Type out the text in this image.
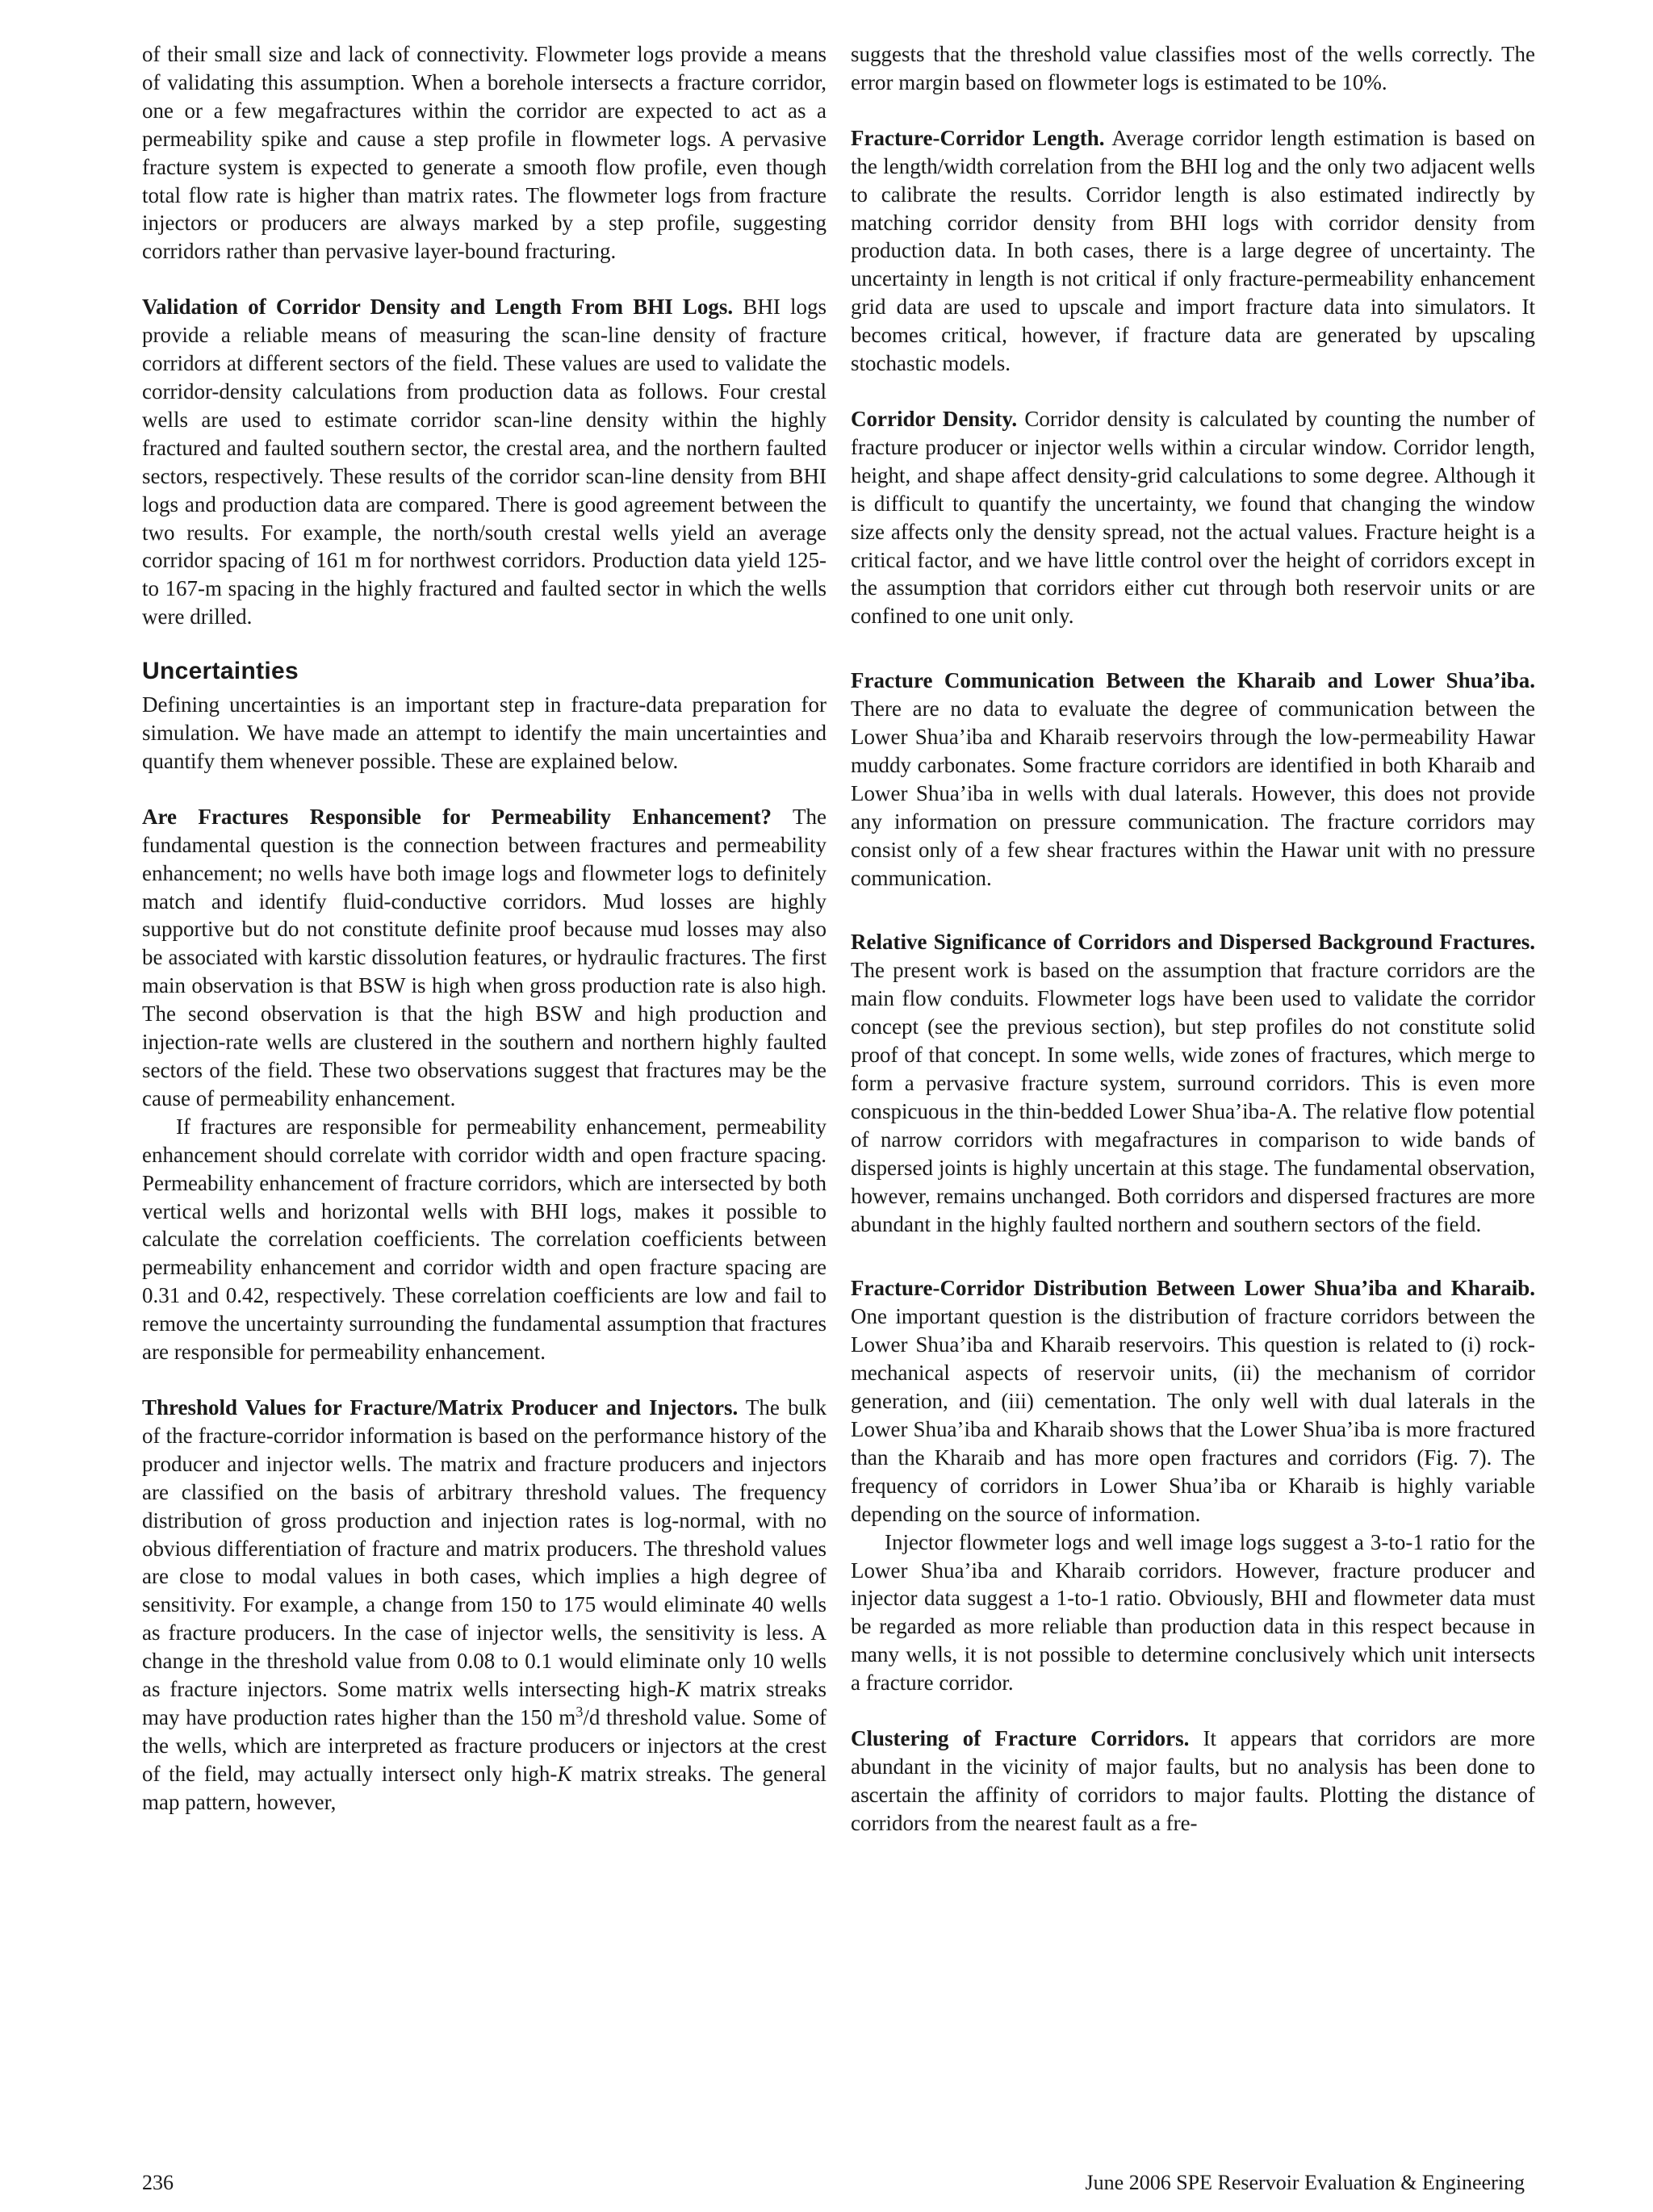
of their small size and lack of connectivity. Flowmeter logs provide a means of validating this assumption. When a borehole intersects a fracture corridor, one or a few megafractures within the corridor are expected to act as a permeability spike and cause a step profile in flowmeter logs. A pervasive fracture system is expected to generate a smooth flow profile, even though total flow rate is higher than matrix rates. The flowmeter logs from fracture injectors or producers are always marked by a step profile, suggesting corridors rather than pervasive layer-bound fracturing.

Validation of Corridor Density and Length From BHI Logs. BHI logs provide a reliable means of measuring the scan-line density of fracture corridors at different sectors of the field. These values are used to validate the corridor-density calculations from production data as follows. Four crestal wells are used to estimate corridor scan-line density within the highly fractured and faulted southern sector, the crestal area, and the northern faulted sectors, respectively. These results of the corridor scan-line density from BHI logs and production data are compared. There is good agreement between the two results. For example, the north/south crestal wells yield an average corridor spacing of 161 m for northwest corridors. Production data yield 125- to 167-m spacing in the highly fractured and faulted sector in which the wells were drilled.

Uncertainties

Defining uncertainties is an important step in fracture-data preparation for simulation. We have made an attempt to identify the main uncertainties and quantify them whenever possible. These are explained below.

Are Fractures Responsible for Permeability Enhancement? The fundamental question is the connection between fractures and permeability enhancement; no wells have both image logs and flowmeter logs to definitely match and identify fluid-conductive corridors. Mud losses are highly supportive but do not constitute definite proof because mud losses may also be associated with karstic dissolution features, or hydraulic fractures. The first main observation is that BSW is high when gross production rate is also high. The second observation is that the high BSW and high production and injection-rate wells are clustered in the southern and northern highly faulted sectors of the field. These two observations suggest that fractures may be the cause of permeability enhancement.

If fractures are responsible for permeability enhancement, permeability enhancement should correlate with corridor width and open fracture spacing. Permeability enhancement of fracture corridors, which are intersected by both vertical wells and horizontal wells with BHI logs, makes it possible to calculate the correlation coefficients. The correlation coefficients between permeability enhancement and corridor width and open fracture spacing are 0.31 and 0.42, respectively. These correlation coefficients are low and fail to remove the uncertainty surrounding the fundamental assumption that fractures are responsible for permeability enhancement.

Threshold Values for Fracture/Matrix Producer and Injectors. The bulk of the fracture-corridor information is based on the performance history of the producer and injector wells. The matrix and fracture producers and injectors are classified on the basis of arbitrary threshold values. The frequency distribution of gross production and injection rates is log-normal, with no obvious differentiation of fracture and matrix producers. The threshold values are close to modal values in both cases, which implies a high degree of sensitivity. For example, a change from 150 to 175 would eliminate 40 wells as fracture producers. In the case of injector wells, the sensitivity is less. A change in the threshold value from 0.08 to 0.1 would eliminate only 10 wells as fracture injectors. Some matrix wells intersecting high-K matrix streaks may have production rates higher than the 150 $m^3/d$ threshold value. Some of the wells, which are interpreted as fracture producers or injectors at the crest of the field, may actually intersect only high-K matrix streaks. The general map pattern, however,

suggests that the threshold value classifies most of the wells correctly. The error margin based on flowmeter logs is estimated to be 10%.

Fracture-Corridor Length. Average corridor length estimation is based on the length/width correlation from the BHI log and the only two adjacent wells to calibrate the results. Corridor length is also estimated indirectly by matching corridor density from BHI logs with corridor density from production data. In both cases, there is a large degree of uncertainty. The uncertainty in length is not critical if only fracture-permeability enhancement grid data are used to upscale and import fracture data into simulators. It becomes critical, however, if fracture data are generated by upscaling stochastic models.

Corridor Density. Corridor density is calculated by counting the number of fracture producer or injector wells within a circular window. Corridor length, height, and shape affect density-grid calculations to some degree. Although it is difficult to quantify the uncertainty, we found that changing the window size affects only the density spread, not the actual values. Fracture height is a critical factor, and we have little control over the height of corridors except in the assumption that corridors either cut through both reservoir units or are confined to one unit only.

Fracture Communication Between the Kharaib and Lower Shua’iba. There are no data to evaluate the degree of communication between the Lower Shua’iba and Kharaib reservoirs through the low-permeability Hawar muddy carbonates. Some fracture corridors are identified in both Kharaib and Lower Shua’iba in wells with dual laterals. However, this does not provide any information on pressure communication. The fracture corridors may consist only of a few shear fractures within the Hawar unit with no pressure communication.

Relative Significance of Corridors and Dispersed Background Fractures. The present work is based on the assumption that fracture corridors are the main flow conduits. Flowmeter logs have been used to validate the corridor concept (see the previous section), but step profiles do not constitute solid proof of that concept. In some wells, wide zones of fractures, which merge to form a pervasive fracture system, surround corridors. This is even more conspicuous in the thin-bedded Lower Shua’iba-A. The relative flow potential of narrow corridors with megafractures in comparison to wide bands of dispersed joints is highly uncertain at this stage. The fundamental observation, however, remains unchanged. Both corridors and dispersed fractures are more abundant in the highly faulted northern and southern sectors of the field.

Fracture-Corridor Distribution Between Lower Shua’iba and Kharaib. One important question is the distribution of fracture corridors between the Lower Shua’iba and Kharaib reservoirs. This question is related to (i) rock-mechanical aspects of reservoir units, (ii) the mechanism of corridor generation, and (iii) cementation. The only well with dual laterals in the Lower Shua’iba and Kharaib shows that the Lower Shua’iba is more fractured than the Kharaib and has more open fractures and corridors (Fig. 7). The frequency of corridors in Lower Shua’iba or Kharaib is highly variable depending on the source of information.

Injector flowmeter logs and well image logs suggest a 3-to-1 ratio for the Lower Shua’iba and Kharaib corridors. However, fracture producer and injector data suggest a 1-to-1 ratio. Obviously, BHI and flowmeter data must be regarded as more reliable than production data in this respect because in many wells, it is not possible to determine conclusively which unit intersects a fracture corridor.

Clustering of Fracture Corridors. It appears that corridors are more abundant in the vicinity of major faults, but no analysis has been done to ascertain the affinity of corridors to major faults. Plotting the distance of corridors from the nearest fault as a fre-

236	June 2006 SPE Reservoir Evaluation & Engineering
